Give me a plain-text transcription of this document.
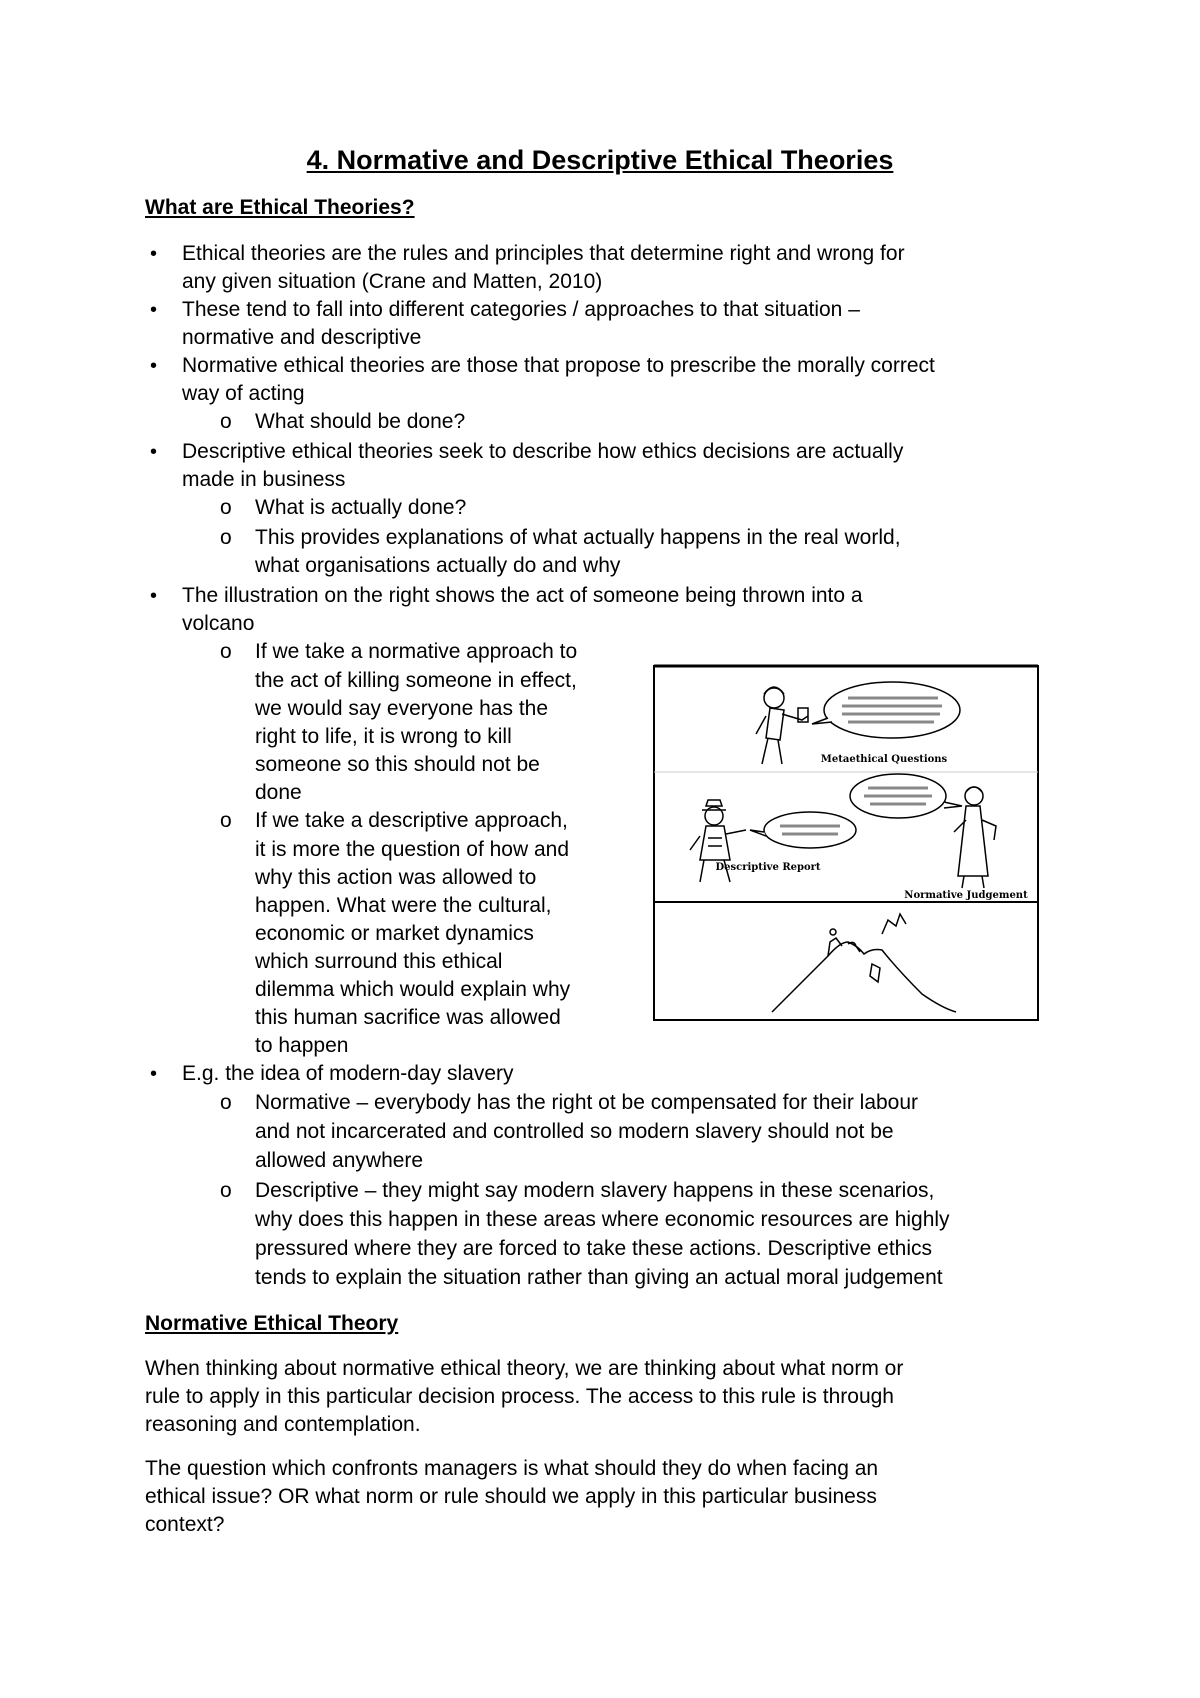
4. Normative and Descriptive Ethical Theories
What are Ethical Theories?
• Ethical theories are the rules and principles that determine right and wrong for

any given situation (Crane and Matten, 2010)

• These tend to fall into different categories / approaches to that situation –

normative and descriptive

• Normative ethical theories are those that propose to prescribe the morally correct

way of acting

o What should be done?

• Descriptive ethical theories seek to describe how ethics decisions are actually

made in business

o What is actually done?

o This provides explanations of what actually happens in the real world,

what organisations actually do and why

• The illustration on the right shows the act of someone being thrown into a

volcano

o If we take a normative approach to

the act of killing someone in effect,

we would say everyone has the

right to life, it is wrong to kill

someone so this should not be

done

o If we take a descriptive approach,

it is more the question of how and

why this action was allowed to

happen. What were the cultural,

economic or market dynamics

which surround this ethical

dilemma which would explain why

this human sacrifice was allowed

to happen

• E.g. the idea of modern-day slavery

o Normative – everybody has the right ot be compensated for their labour

and not incarcerated and controlled so modern slavery should not be

allowed anywhere

o Descriptive – they might say modern slavery happens in these scenarios,

why does this happen in these areas where economic resources are highly

pressured where they are forced to take these actions. Descriptive ethics

tends to explain the situation rather than giving an actual moral judgement

Normative Ethical Theory

When thinking about normative ethical theory, we are thinking about what norm or

rule to apply in this particular decision process. The access to this rule is through

reasoning and contemplation.

The question which confronts managers is what should they do when facing an

ethical issue? OR what norm or rule should we apply in this particular business

context?

Metaethical Questions
Descriptive Report
Normative Judgement
